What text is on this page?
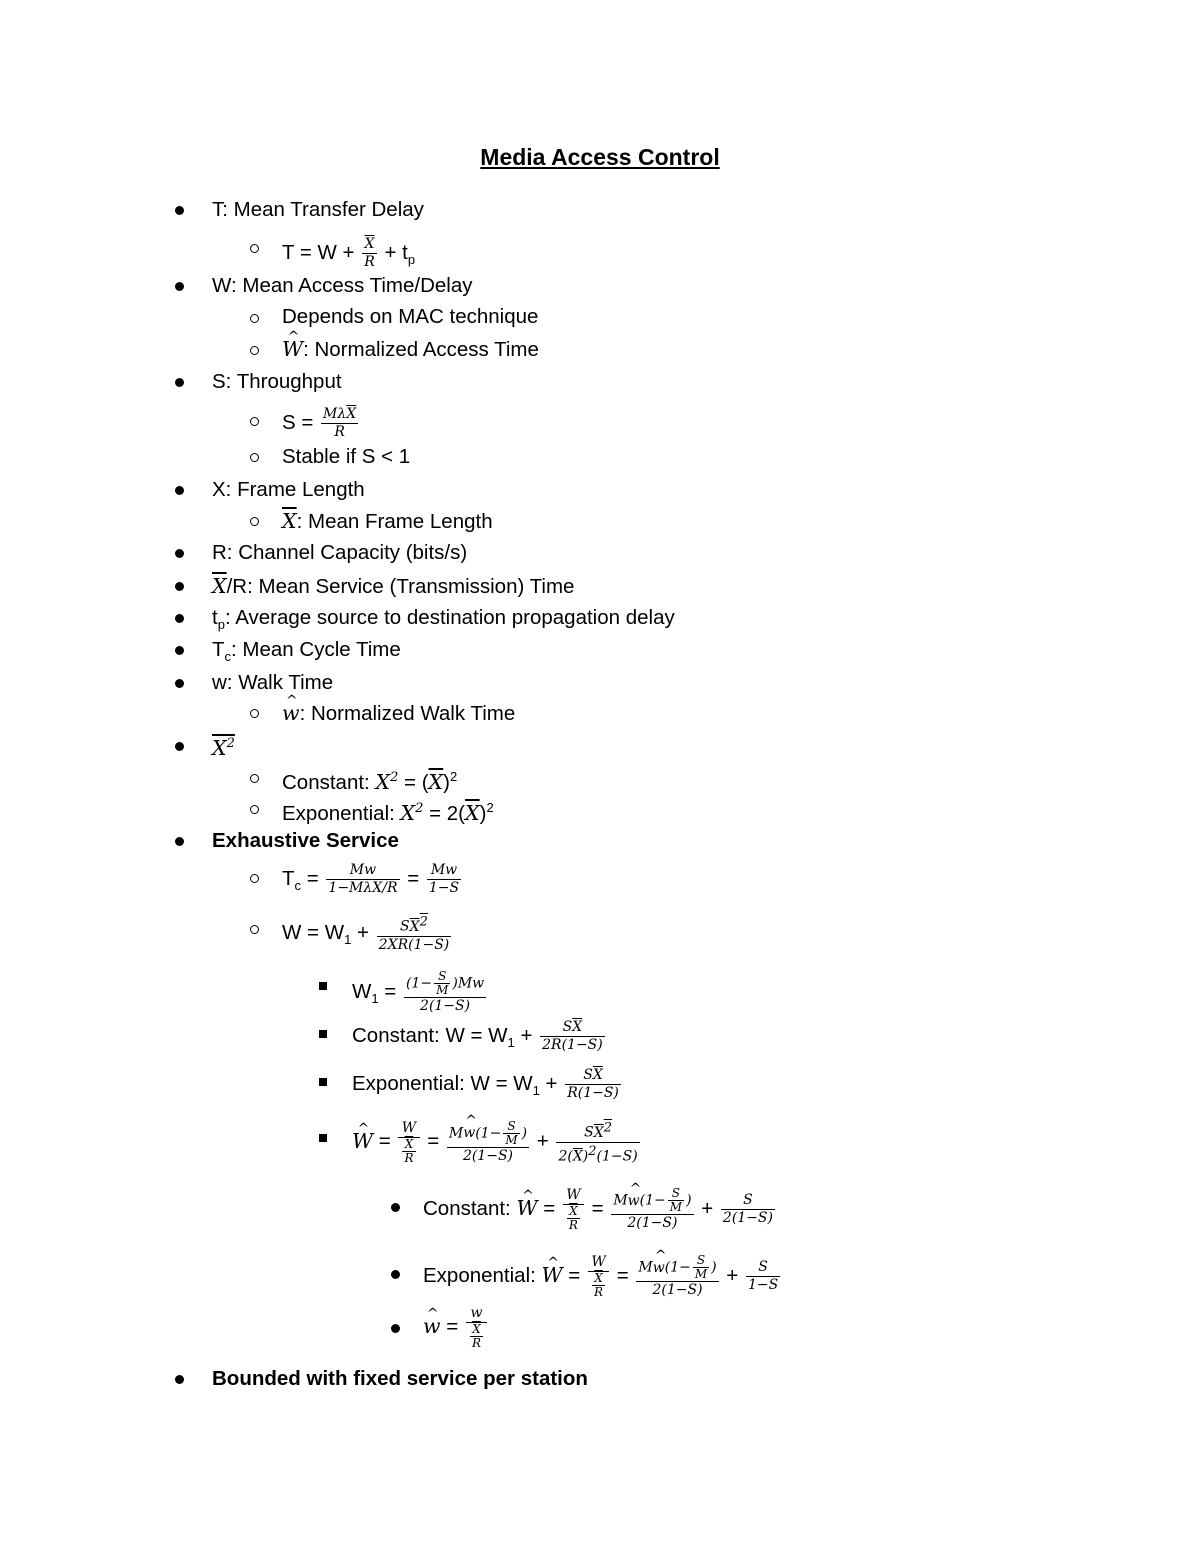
Media Access Control
T: Mean Transfer Delay
$T = W + \frac{\overline{X}}{R} + t_p$
W: Mean Access Time/Delay
Depends on MAC technique
^ W: Normalized Access Time
S: Throughput
$S = \frac{M\lambda\overline{X}}{R}$
Stable if S < 1
X: Frame Length
$\overline{X}$: Mean Frame Length
R: Channel Capacity (bits/s)
$\overline{X}/R$: Mean Service (Transmission) Time
$t_p$: Average source to destination propagation delay
$T_c$: Mean Cycle Time
w: Walk Time
^ w: Normalized Walk Time
$X^2$
Constant: $X^2 = (\overline{X})^2$
Exponential: $X^2 = 2(\overline{X})^2$
Exhaustive Service
$T_c = \frac{Mw}{1-M\lambda\overline{X}/R} = \frac{Mw}{1-S}$
$W = W_1 + \frac{SX^2}{2\overline{X}R(1-S)}$
$W_1 = \frac{(1- \frac{S}{M} )Mw}{2(1-S)}$
Constant: $W = W_1 + \frac{S\overline{X}}{2R(1-S)}$
Exponential: $W = W_1 + \frac{S\overline{X}}{R(1-S)}$
^ $W = \frac{W}{\frac{\overline{X}}{R}} = \frac{M\^{} w(1- \frac{S}{M} )}{2(1-S)} + \frac{SX^2}{2(\overline{X})^2(1-S)}$
Constant: ^ $W = \frac{W}{\frac{\overline{X}}{R}} = \frac{M\^{} w(1- \frac{S}{M} )}{2(1-S)} + \frac{S}{2(1-S)}$
Exponential: ^ $W = \frac{W}{\frac{\overline{X}}{R}} = \frac{M\^{} w(1- \frac{S}{M} )}{2(1-S)} + \frac{S}{1-S}$
^ $w = \frac{w}{\frac{\overline{X}}{R}}$
Bounded with fixed service per station
